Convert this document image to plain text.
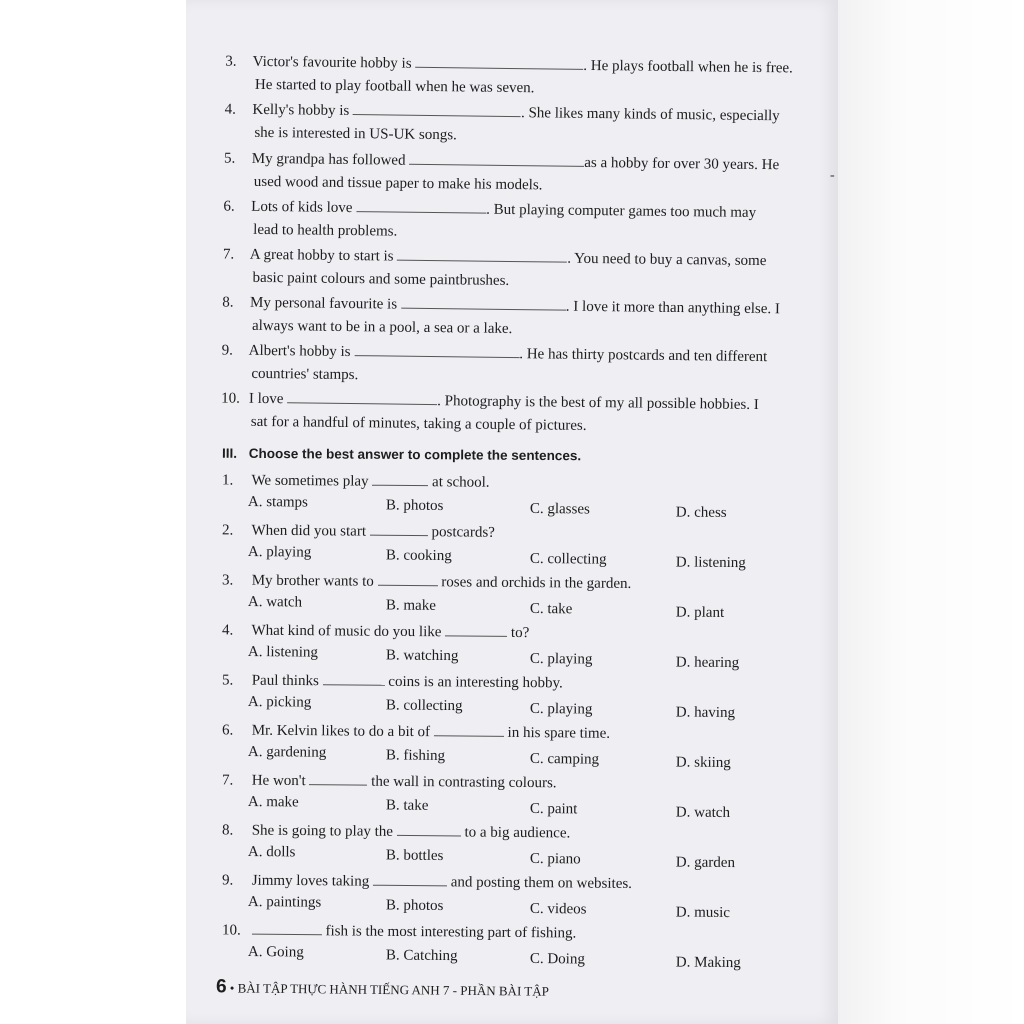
3. Victor's favourite hobby is	. He plays football when he is free.
He started to play football when he was seven.
4. Kelly's hobby is	. She likes many kinds of music, especially
she is interested in US-UK songs.
5. My grandpa has followed	as a hobby for over 30 years. He
used wood and tissue paper to make his models.
6. Lots of kids love	. But playing computer games too much may
lead to health problems.
7. A great hobby to start is	. You need to buy a canvas, some
basic paint colours and some paintbrushes.
8. My personal favourite is	. I love it more than anything else. I
always want to be in a pool, a sea or a lake.
9. Albert's hobby is	. He has thirty postcards and ten different
countries' stamps.
10. I love	. Photography is the best of my all possible hobbies. I
sat for a handful of minutes, taking a couple of pictures.
III. Choose the best answer to complete the sentences.
1. We sometimes play	at school.
A. stamps	B. photos	C. glasses	D. chess
2. When did you start	postcards?
A. playing	B. cooking	C. collecting	D. listening
3. My brother wants to	roses and orchids in the garden.
A. watch	B. make	C. take	D. plant
4. What kind of music do you like	to?
A. listening	B. watching	C. playing	D. hearing
5. Paul thinks	coins is an interesting hobby.
A. picking	B. collecting	C. playing	D. having
6. Mr. Kelvin likes to do a bit of	in his spare time.
A. gardening	B. fishing	C. camping	D. skiing
7. He won't	the wall in contrasting colours.
A. make	B. take	C. paint	D. watch
8. She is going to play the	to a big audience.
A. dolls	B. bottles	C. piano	D. garden
9. Jimmy loves taking	and posting them on websites.
A. paintings	B. photos	C. videos	D. music
10.	fish is the most interesting part of fishing.
A. Going	B. Catching	C. Doing	D. Making
6 • BÀI TẬP THỰC HÀNH TIẾNG ANH 7 - PHẦN BÀI TẬP
-
